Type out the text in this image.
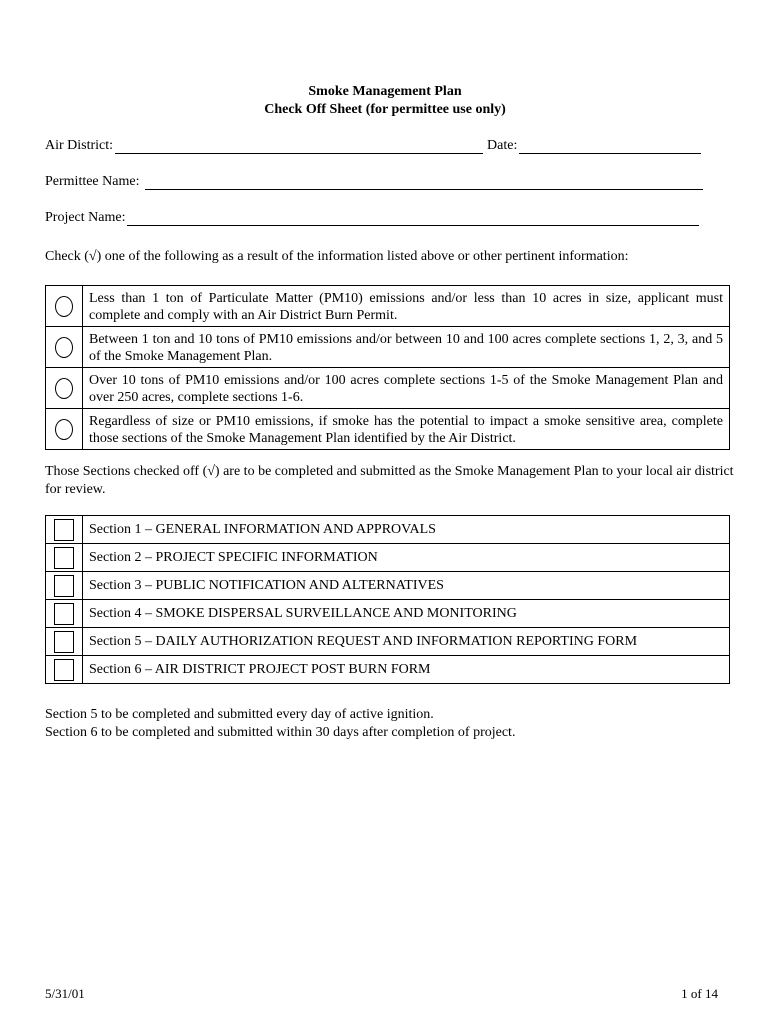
Smoke Management Plan
Check Off Sheet (for permittee use only)
Air District:	Date:
Permittee Name:
Project Name:
Check (√) one of the following as a result of the information listed above or other pertinent information:
	Less than 1 ton of Particulate Matter (PM10) emissions and/or less than 10 acres in size, applicant must complete and comply with an Air District Burn Permit.
	Between 1 ton and 10 tons of PM10 emissions and/or between 10 and 100 acres complete sections 1, 2, 3, and 5 of the Smoke Management Plan.
	Over 10 tons of PM10 emissions and/or 100 acres complete sections 1-5 of the Smoke Management Plan and over 250 acres, complete sections 1-6.
	Regardless of size or PM10 emissions, if smoke has the potential to impact a smoke sensitive area, complete those sections of the Smoke Management Plan identified by the Air District.
Those Sections checked off (√) are to be completed and submitted as the Smoke Management Plan to your local air district for review.
	Section 1 – GENERAL INFORMATION AND APPROVALS
	Section 2 – PROJECT SPECIFIC INFORMATION
	Section 3 – PUBLIC NOTIFICATION AND ALTERNATIVES
	Section 4 – SMOKE DISPERSAL SURVEILLANCE AND MONITORING
	Section 5 – DAILY AUTHORIZATION REQUEST AND INFORMATION REPORTING FORM
	Section 6 – AIR DISTRICT PROJECT POST BURN FORM
Section 5 to be completed and submitted every day of active ignition.
Section 6 to be completed and submitted within 30 days after completion of project.
5/31/01	1 of 14
